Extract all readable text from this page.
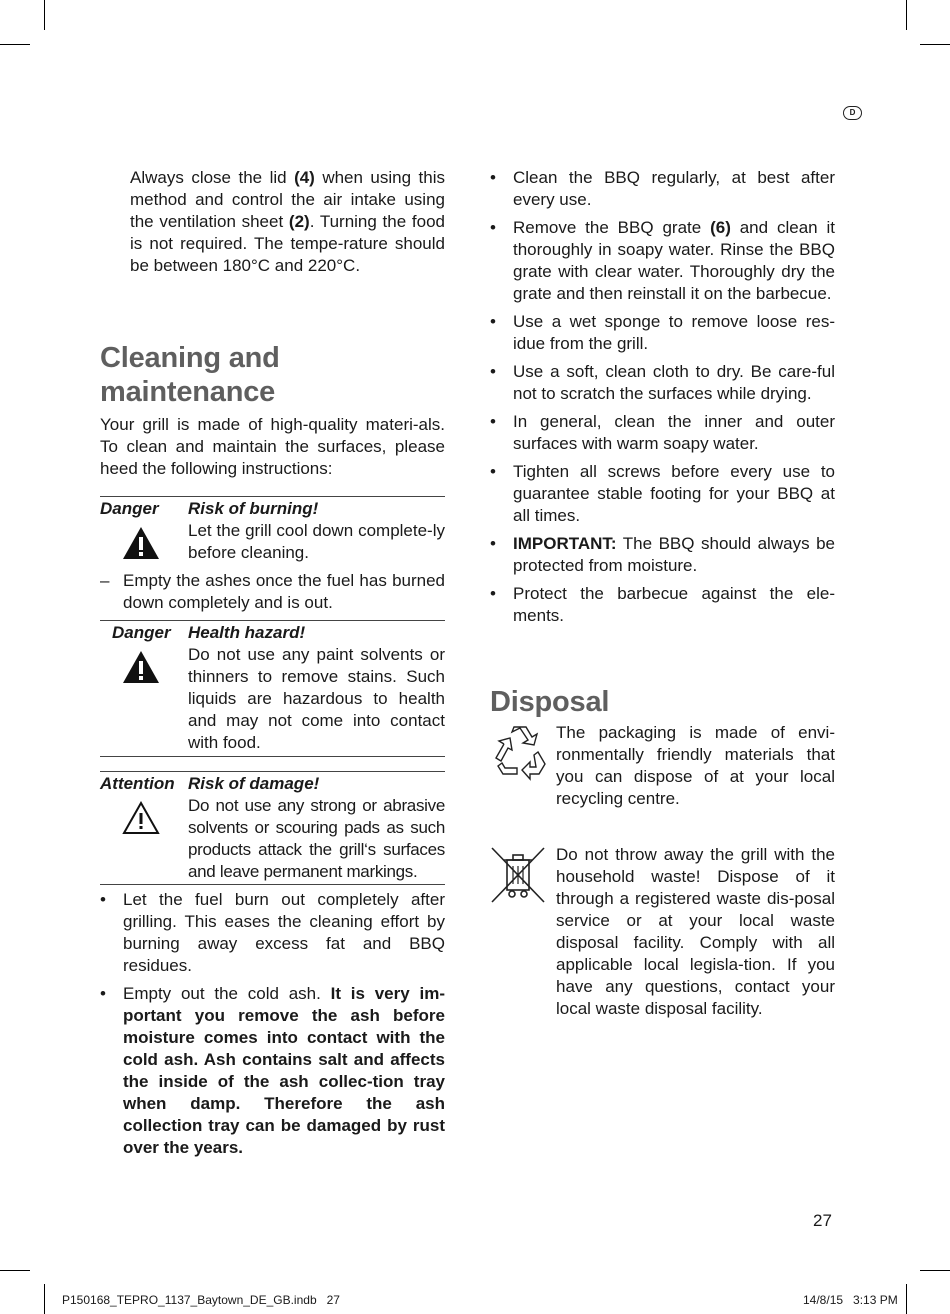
D

Always close the lid (4) when using this method and control the air intake using the ventilation sheet (2). Turning the food is not required. The tempe-rature should be between 180°C and 220°C.

Cleaning and maintenance

Your grill is made of high-quality materi-als. To clean and maintain the surfaces, please heed the following instructions:

Danger Risk of burning!

Let the grill cool down complete-ly before cleaning.

– Empty the ashes once the fuel has burned down completely and is out.
Danger Health hazard!

Do not use any paint solvents or thinners to remove stains. Such liquids are hazardous to health and may not come into contact with food.

Attention Risk of damage!

Do not use any strong or abrasive solvents or scouring pads as such products attack the grill‘s surfaces and leave permanent markings.

• Let the fuel burn out completely after grilling. This eases the cleaning effort by burning away excess fat and BBQ residues.
• Empty out the cold ash. It is very im-portant you remove the ash before moisture comes into contact with the cold ash. Ash contains salt and affects the inside of the ash collec-tion tray when damp. Therefore the ash collection tray can be damaged by rust over the years.
• Clean the BBQ regularly, at best after every use.
• Remove the BBQ grate (6) and clean it thoroughly in soapy water. Rinse the BBQ grate with clear water. Thoroughly dry the grate and then reinstall it on the barbecue.
• Use a wet sponge to remove loose res-idue from the grill.
• Use a soft, clean cloth to dry. Be care-ful not to scratch the surfaces while drying.
• In general, clean the inner and outer surfaces with warm soapy water.
• Tighten all screws before every use to guarantee stable footing for your BBQ at all times.
• IMPORTANT: The BBQ should always be protected from moisture.
• Protect the barbecue against the ele-ments.
Disposal

The packaging is made of envi-ronmentally friendly materials that you can dispose of at your local recycling centre.

Do not throw away the grill with the household waste! Dispose of it through a registered waste dis-posal service or at your local waste disposal facility. Comply with all applicable local legisla-tion. If you have any questions, contact your local waste disposal facility.

27
P150168_TEPRO_1137_Baytown_DE_GB.indb   27	14/8/15   3:13 PM
